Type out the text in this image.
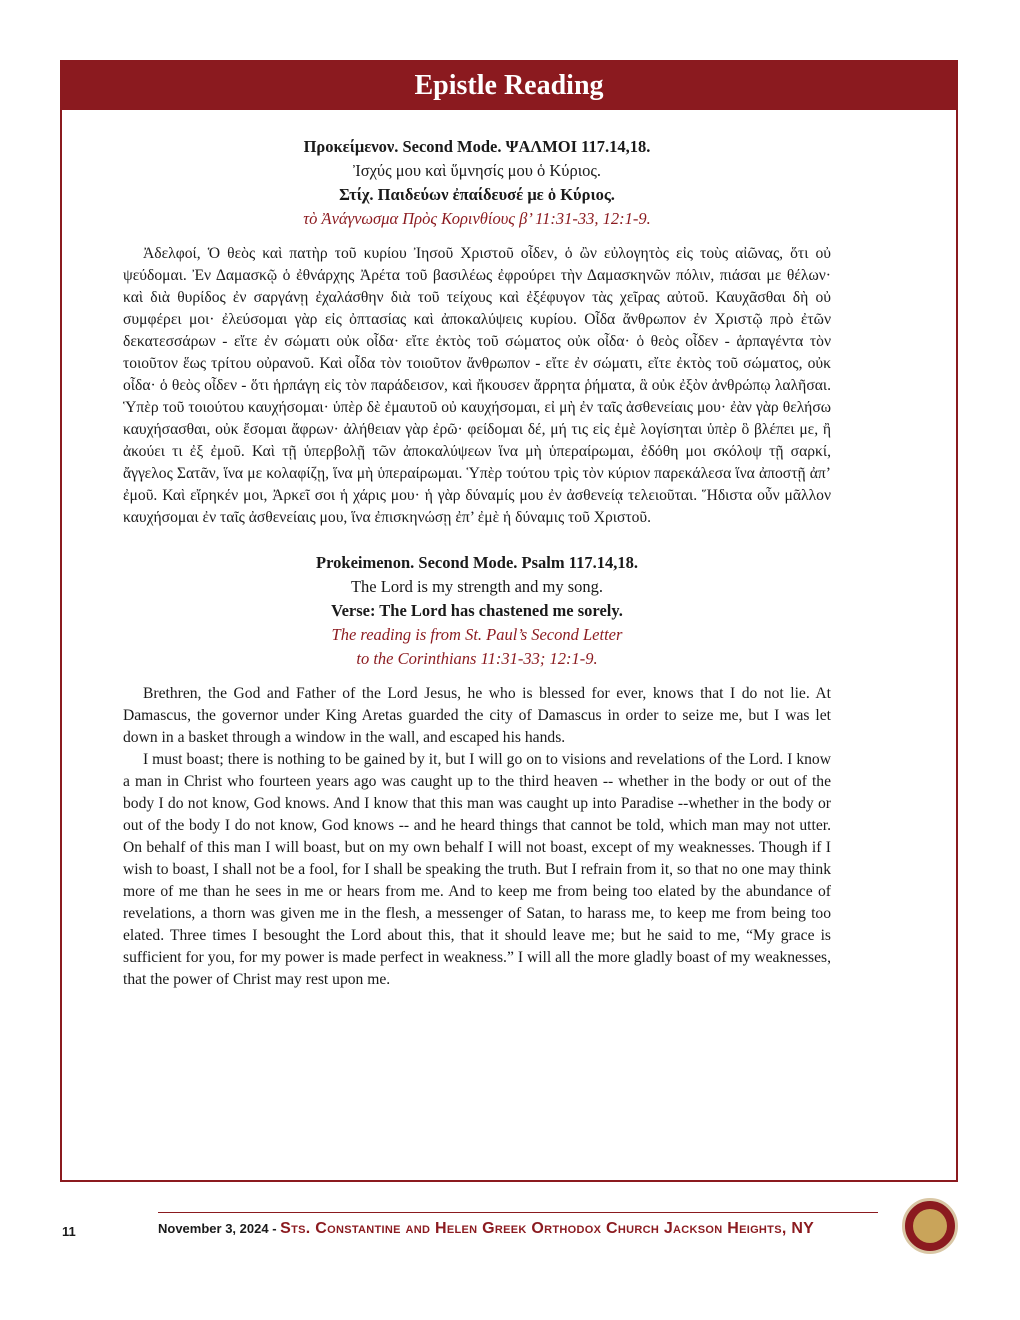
Epistle Reading
Προκείμενον. Second Mode. ΨΑΛΜΟΙ 117.14,18.
Ἰσχύς μου καὶ ὕμνησίς μου ὁ Κύριος.
Στίχ. Παιδεύων ἐπαίδευσέ με ὁ Κύριος.
τὸ Ἀνάγνωσμα Πρὸς Κορινθίους β’ 11:31-33, 12:1-9.

Ἀδελφοί, Ὁ θεὸς καὶ πατὴρ τοῦ κυρίου Ἰησοῦ Χριστοῦ οἶδεν, ὁ ὢν εὐλογητὸς εἰς τοὺς αἰῶνας, ὅτι οὐ ψεύδομαι. Ἐν Δαμασκῷ ὁ ἐθνάρχης Ἀρέτα τοῦ βασιλέως ἐφρούρει τὴν Δαμασκηνῶν πόλιν, πιάσαι με θέλων· καὶ διὰ θυρίδος ἐν σαργάνῃ ἐχαλάσθην διὰ τοῦ τείχους καὶ ἐξέφυγον τὰς χεῖρας αὐτοῦ. Καυχᾶσθαι δὴ οὐ συμφέρει μοι· ἐλεύσομαι γὰρ εἰς ὀπτασίας καὶ ἀποκαλύψεις κυρίου. Οἶδα ἄνθρωπον ἐν Χριστῷ πρὸ ἐτῶν δεκατεσσάρων - εἴτε ἐν σώματι οὐκ οἶδα· εἴτε ἐκτὸς τοῦ σώματος οὐκ οἶδα· ὁ θεὸς οἶδεν - ἁρπαγέντα τὸν τοιοῦτον ἕως τρίτου οὐρανοῦ. Καὶ οἶδα τὸν τοιοῦτον ἄνθρωπον - εἴτε ἐν σώματι, εἴτε ἐκτὸς τοῦ σώματος, οὐκ οἶδα· ὁ θεὸς οἶδεν - ὅτι ἡρπάγη εἰς τὸν παράδεισον, καὶ ἤκουσεν ἄρρητα ῥήματα, ἃ οὐκ ἐξὸν ἀνθρώπῳ λαλῆσαι. Ὑπὲρ τοῦ τοιούτου καυχήσομαι· ὑπὲρ δὲ ἐμαυτοῦ οὐ καυχήσομαι, εἰ μὴ ἐν ταῖς ἀσθενείαις μου· ἐὰν γὰρ θελήσω καυχήσασθαι, οὐκ ἔσομαι ἄφρων· ἀλήθειαν γὰρ ἐρῶ· φείδομαι δέ, μή τις εἰς ἐμὲ λογίσηται ὑπὲρ ὃ βλέπει με, ἢ ἀκούει τι ἐξ ἐμοῦ. Καὶ τῇ ὑπερβολῇ τῶν ἀποκαλύψεων ἵνα μὴ ὑπεραίρωμαι, ἐδόθη μοι σκόλοψ τῇ σαρκί, ἄγγελος Σατᾶν, ἵνα με κολαφίζῃ, ἵνα μὴ ὑπεραίρωμαι. Ὑπὲρ τούτου τρὶς τὸν κύριον παρεκάλεσα ἵνα ἀποστῇ ἀπ’ ἐμοῦ. Καὶ εἴρηκέν μοι, Ἀρκεῖ σοι ἡ χάρις μου· ἡ γὰρ δύναμίς μου ἐν ἀσθενείᾳ τελειοῦται. Ἥδιστα οὖν μᾶλλον καυχήσομαι ἐν ταῖς ἀσθενείαις μου, ἵνα ἐπισκηνώσῃ ἐπ’ ἐμὲ ἡ δύναμις τοῦ Χριστοῦ.

Prokeimenon. Second Mode. Psalm 117.14,18.
The Lord is my strength and my song.
Verse: The Lord has chastened me sorely.
The reading is from St. Paul’s Second Letter
to the Corinthians 11:31-33; 12:1-9.

Brethren, the God and Father of the Lord Jesus, he who is blessed for ever, knows that I do not lie. At Damascus, the governor under King Aretas guarded the city of Damascus in order to seize me, but I was let down in a basket through a window in the wall, and escaped his hands.

I must boast; there is nothing to be gained by it, but I will go on to visions and revelations of the Lord. I know a man in Christ who fourteen years ago was caught up to the third heaven -- whether in the body or out of the body I do not know, God knows. And I know that this man was caught up into Paradise --whether in the body or out of the body I do not know, God knows -- and he heard things that cannot be told, which man may not utter. On behalf of this man I will boast, but on my own behalf I will not boast, except of my weaknesses. Though if I wish to boast, I shall not be a fool, for I shall be speaking the truth. But I refrain from it, so that no one may think more of me than he sees in me or hears from me. And to keep me from being too elated by the abundance of revelations, a thorn was given me in the flesh, a messenger of Satan, to harass me, to keep me from being too elated. Three times I besought the Lord about this, that it should leave me; but he said to me, “My grace is sufficient for you, for my power is made perfect in weakness.” I will all the more gladly boast of my weaknesses, that the power of Christ may rest upon me.

11	November 3, 2024 - Sts. Constantine and Helen Greek Orthodox Church Jackson Heights, NY
